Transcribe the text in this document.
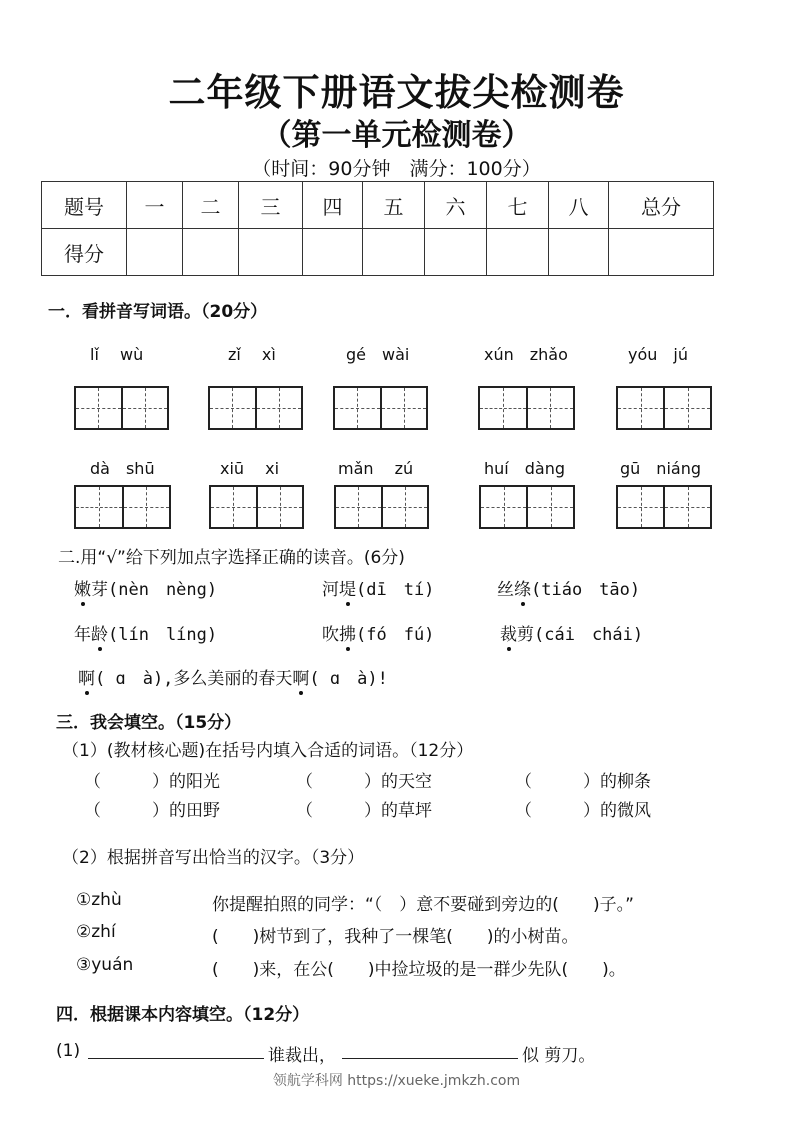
二年级下册语文拔尖检测卷
（第一单元检测卷）
（时间：90分钟　满分：100分）
题号	一	二	三	四	五	六	七	八	总分
得分									
一．看拼音写词语。（20分）
lǐ　 wù	zǐ　 xì	gé　wài	xún　zhǎo	yóu　jú
dà　shū	xiū　 xi	mǎn　 zú	huí　dàng	gū　niáng
二.用“√”给下列加点字选择正确的读音。(6分)
嫩芽(nèn　nèng)	河堤(dī　tí)	丝绦(tiáo　tāo)
年龄(lín　líng)	吹拂(fó　fú)	裁剪(cái　chái)
啊( ɑ　à),多么美丽的春天啊( ɑ　à)!
三．我会填空。（15分）
（1）(教材核心题)在括号内填入合适的词语。（12分）
（　　　）的阳光	（　　　）的天空	（　　　）的柳条
（　　　）的田野	（　　　）的草坪	（　　　）的微风
（2）根据拼音写出恰当的汉字。（3分）
①zhù	你提醒拍照的同学：“（　）意不要碰到旁边的(　　)子。”
②zhí	(　　)树节到了，我种了一棵笔(　　)的小树苗。
③yuán	(　　)来，在公(　　)中捡垃圾的是一群少先队(　　)。
四．根据课本内容填空。（12分）
(1)	谁裁出，	似 剪刀。
领航学科网 https://xueke.jmkzh.com
